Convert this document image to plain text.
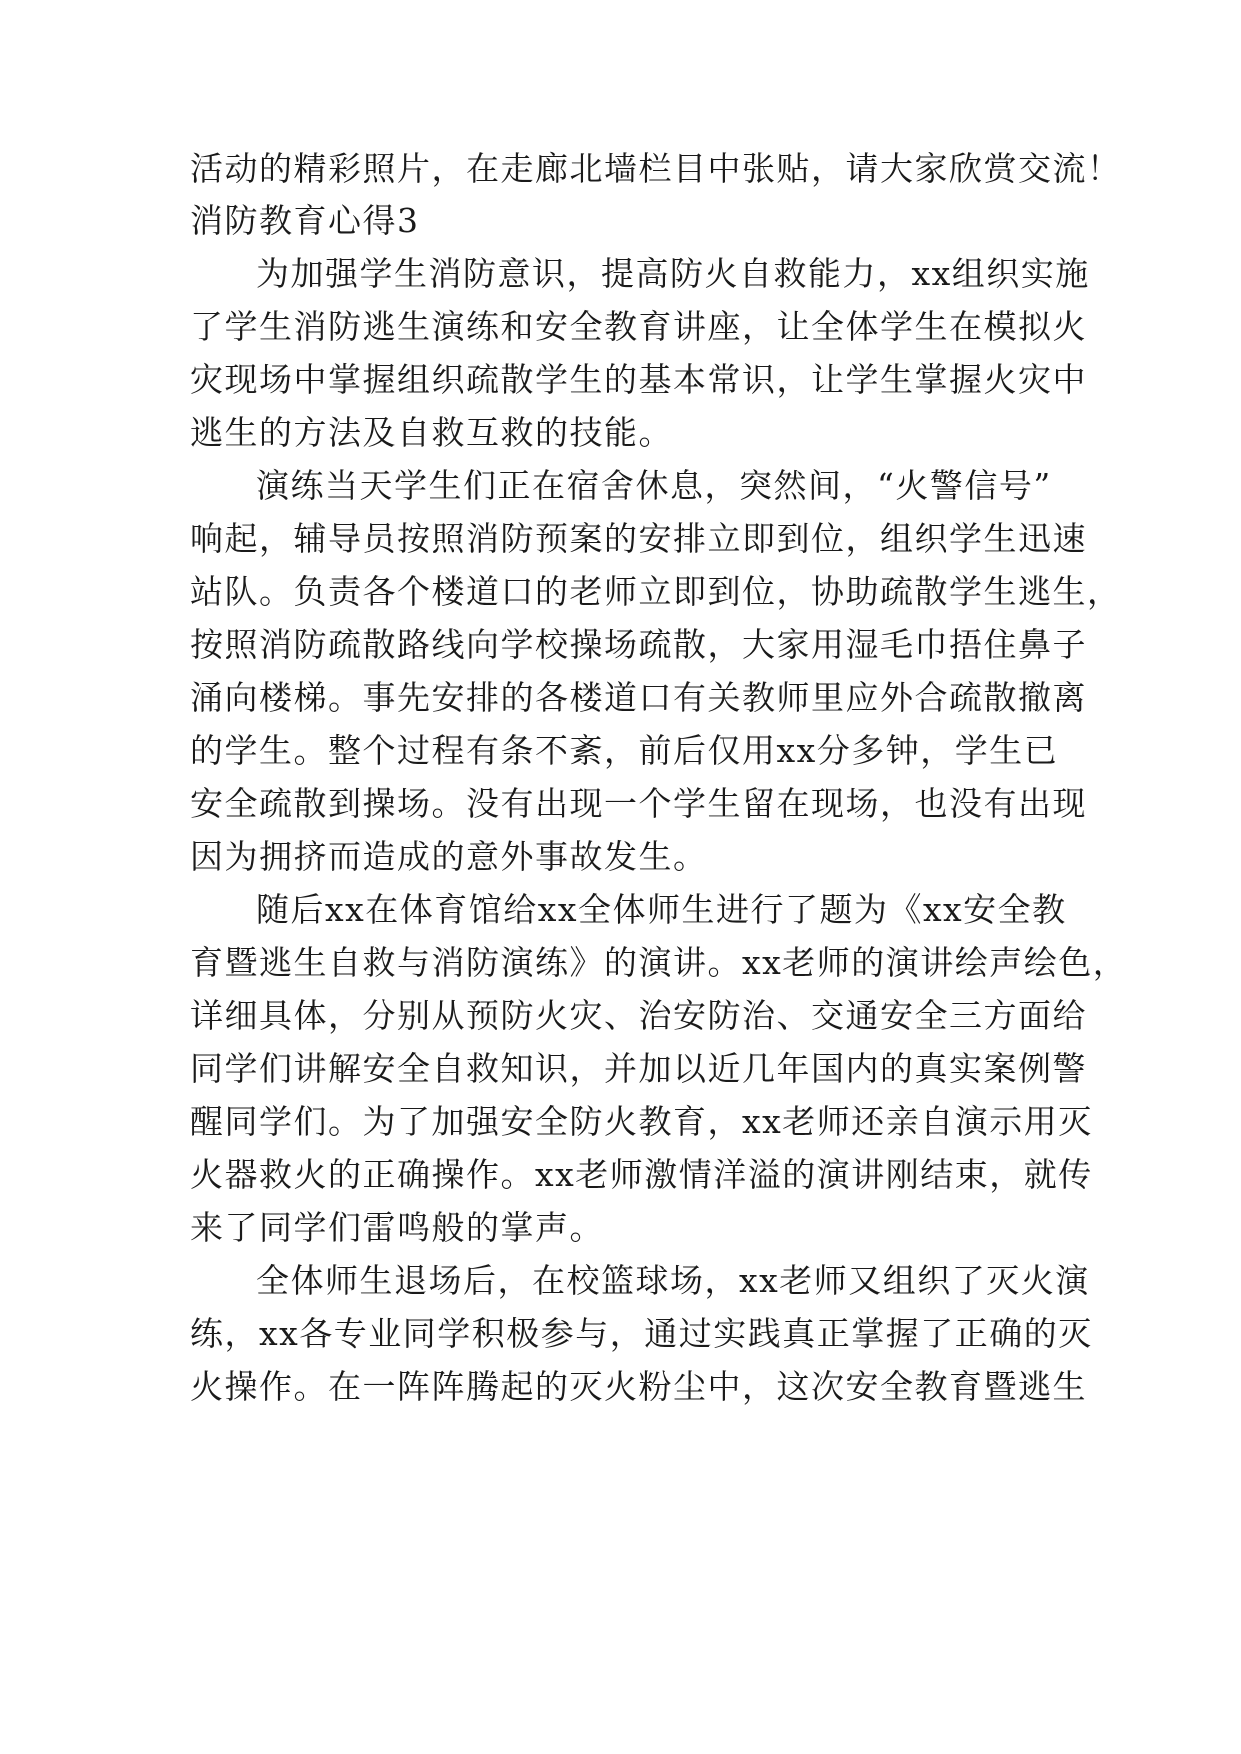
活动的精彩照片，在走廊北墙栏目中张贴，请大家欣赏交流！
消防教育心得3
为加强学生消防意识，提高防火自救能力，xx组织实施
了学生消防逃生演练和安全教育讲座，让全体学生在模拟火
灾现场中掌握组织疏散学生的基本常识，让学生掌握火灾中
逃生的方法及自救互救的技能。
演练当天学生们正在宿舍休息，突然间，“火警信号”
响起，辅导员按照消防预案的安排立即到位，组织学生迅速
站队。负责各个楼道口的老师立即到位，协助疏散学生逃生，
按照消防疏散路线向学校操场疏散，大家用湿毛巾捂住鼻子
涌向楼梯。事先安排的各楼道口有关教师里应外合疏散撤离
的学生。整个过程有条不紊，前后仅用xx分多钟，学生已
安全疏散到操场。没有出现一个学生留在现场，也没有出现
因为拥挤而造成的意外事故发生。
随后xx在体育馆给xx全体师生进行了题为《xx安全教
育暨逃生自救与消防演练》的演讲。xx老师的演讲绘声绘色，
详细具体，分别从预防火灾、治安防治、交通安全三方面给
同学们讲解安全自救知识，并加以近几年国内的真实案例警
醒同学们。为了加强安全防火教育，xx老师还亲自演示用灭
火器救火的正确操作。xx老师激情洋溢的演讲刚结束，就传
来了同学们雷鸣般的掌声。
全体师生退场后，在校篮球场，xx老师又组织了灭火演
练，xx各专业同学积极参与，通过实践真正掌握了正确的灭
火操作。在一阵阵腾起的灭火粉尘中，这次安全教育暨逃生
